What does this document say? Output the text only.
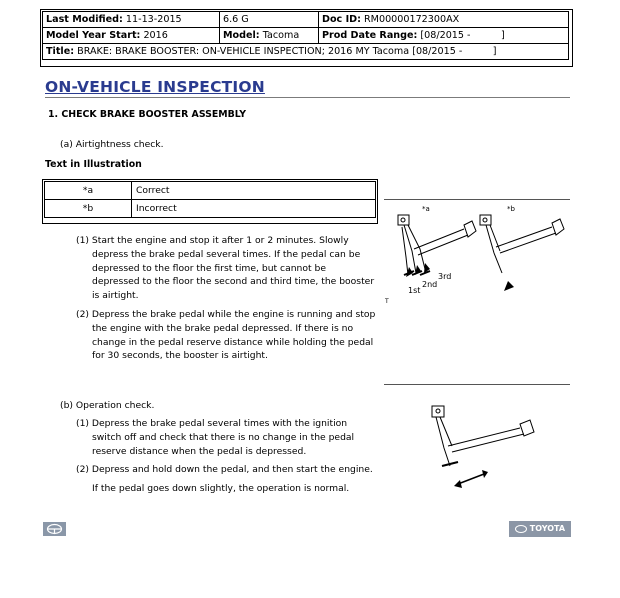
Last Modified: 11-13-2015	6.6 G	Doc ID: RM00000172300AX
Model Year Start: 2016	Model: Tacoma	Prod Date Range: [08/2015 -          ]
Title: BRAKE: BRAKE BOOSTER: ON-VEHICLE INSPECTION; 2016 MY Tacoma [08/2015 -          ]		
ON-VEHICLE INSPECTION
1. CHECK BRAKE BOOSTER ASSEMBLY
(a) Airtightness check.
Text in Illustration
*a	Correct
*b	Incorrect
(1) Start the engine and stop it after 1 or 2 minutes. Slowly
depress the brake pedal several times. If the pedal can be
depressed to the floor the first time, but cannot be
depressed to the floor the second and third time, the booster
is airtight.
(2) Depress the brake pedal while the engine is running and stop
the engine with the brake pedal depressed. If there is no
change in the pedal reserve distance while holding the pedal
for 30 seconds, the booster is airtight.
*a	*b
1st
2nd
3rd
T
(b) Operation check.
(1) Depress the brake pedal several times with the ignition
switch off and check that there is no change in the pedal
reserve distance when the pedal is depressed.
(2) Depress and hold down the pedal, and then start the engine.
If the pedal goes down slightly, the operation is normal.
TOYOTA
